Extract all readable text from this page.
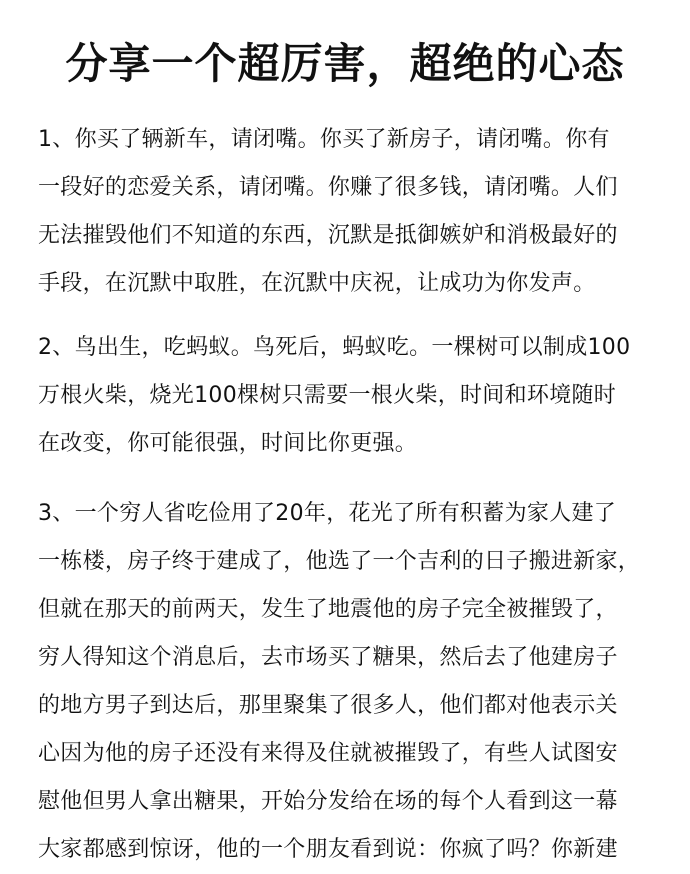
分享一个超厉害，超绝的心态
1、你买了辆新车，请闭嘴。你买了新房子，请闭嘴。你有
一段好的恋爱关系，请闭嘴。你赚了很多钱，请闭嘴。人们
无法摧毁他们不知道的东西，沉默是抵御嫉妒和消极最好的
手段，在沉默中取胜，在沉默中庆祝，让成功为你发声。
2、鸟出生，吃蚂蚁。鸟死后，蚂蚁吃。一棵树可以制成100
万根火柴，烧光100棵树只需要一根火柴，时间和环境随时
在改变，你可能很强，时间比你更强。
3、一个穷人省吃俭用了20年，花光了所有积蓄为家人建了
一栋楼，房子终于建成了，他选了一个吉利的日子搬进新家，
但就在那天的前两天，发生了地震他的房子完全被摧毁了，
穷人得知这个消息后，去市场买了糖果，然后去了他建房子
的地方男子到达后，那里聚集了很多人，他们都对他表示关
心因为他的房子还没有来得及住就被摧毁了，有些人试图安
慰他但男人拿出糖果，开始分发给在场的每个人看到这一幕
大家都感到惊讶，他的一个朋友看到说：你疯了吗？你新建
